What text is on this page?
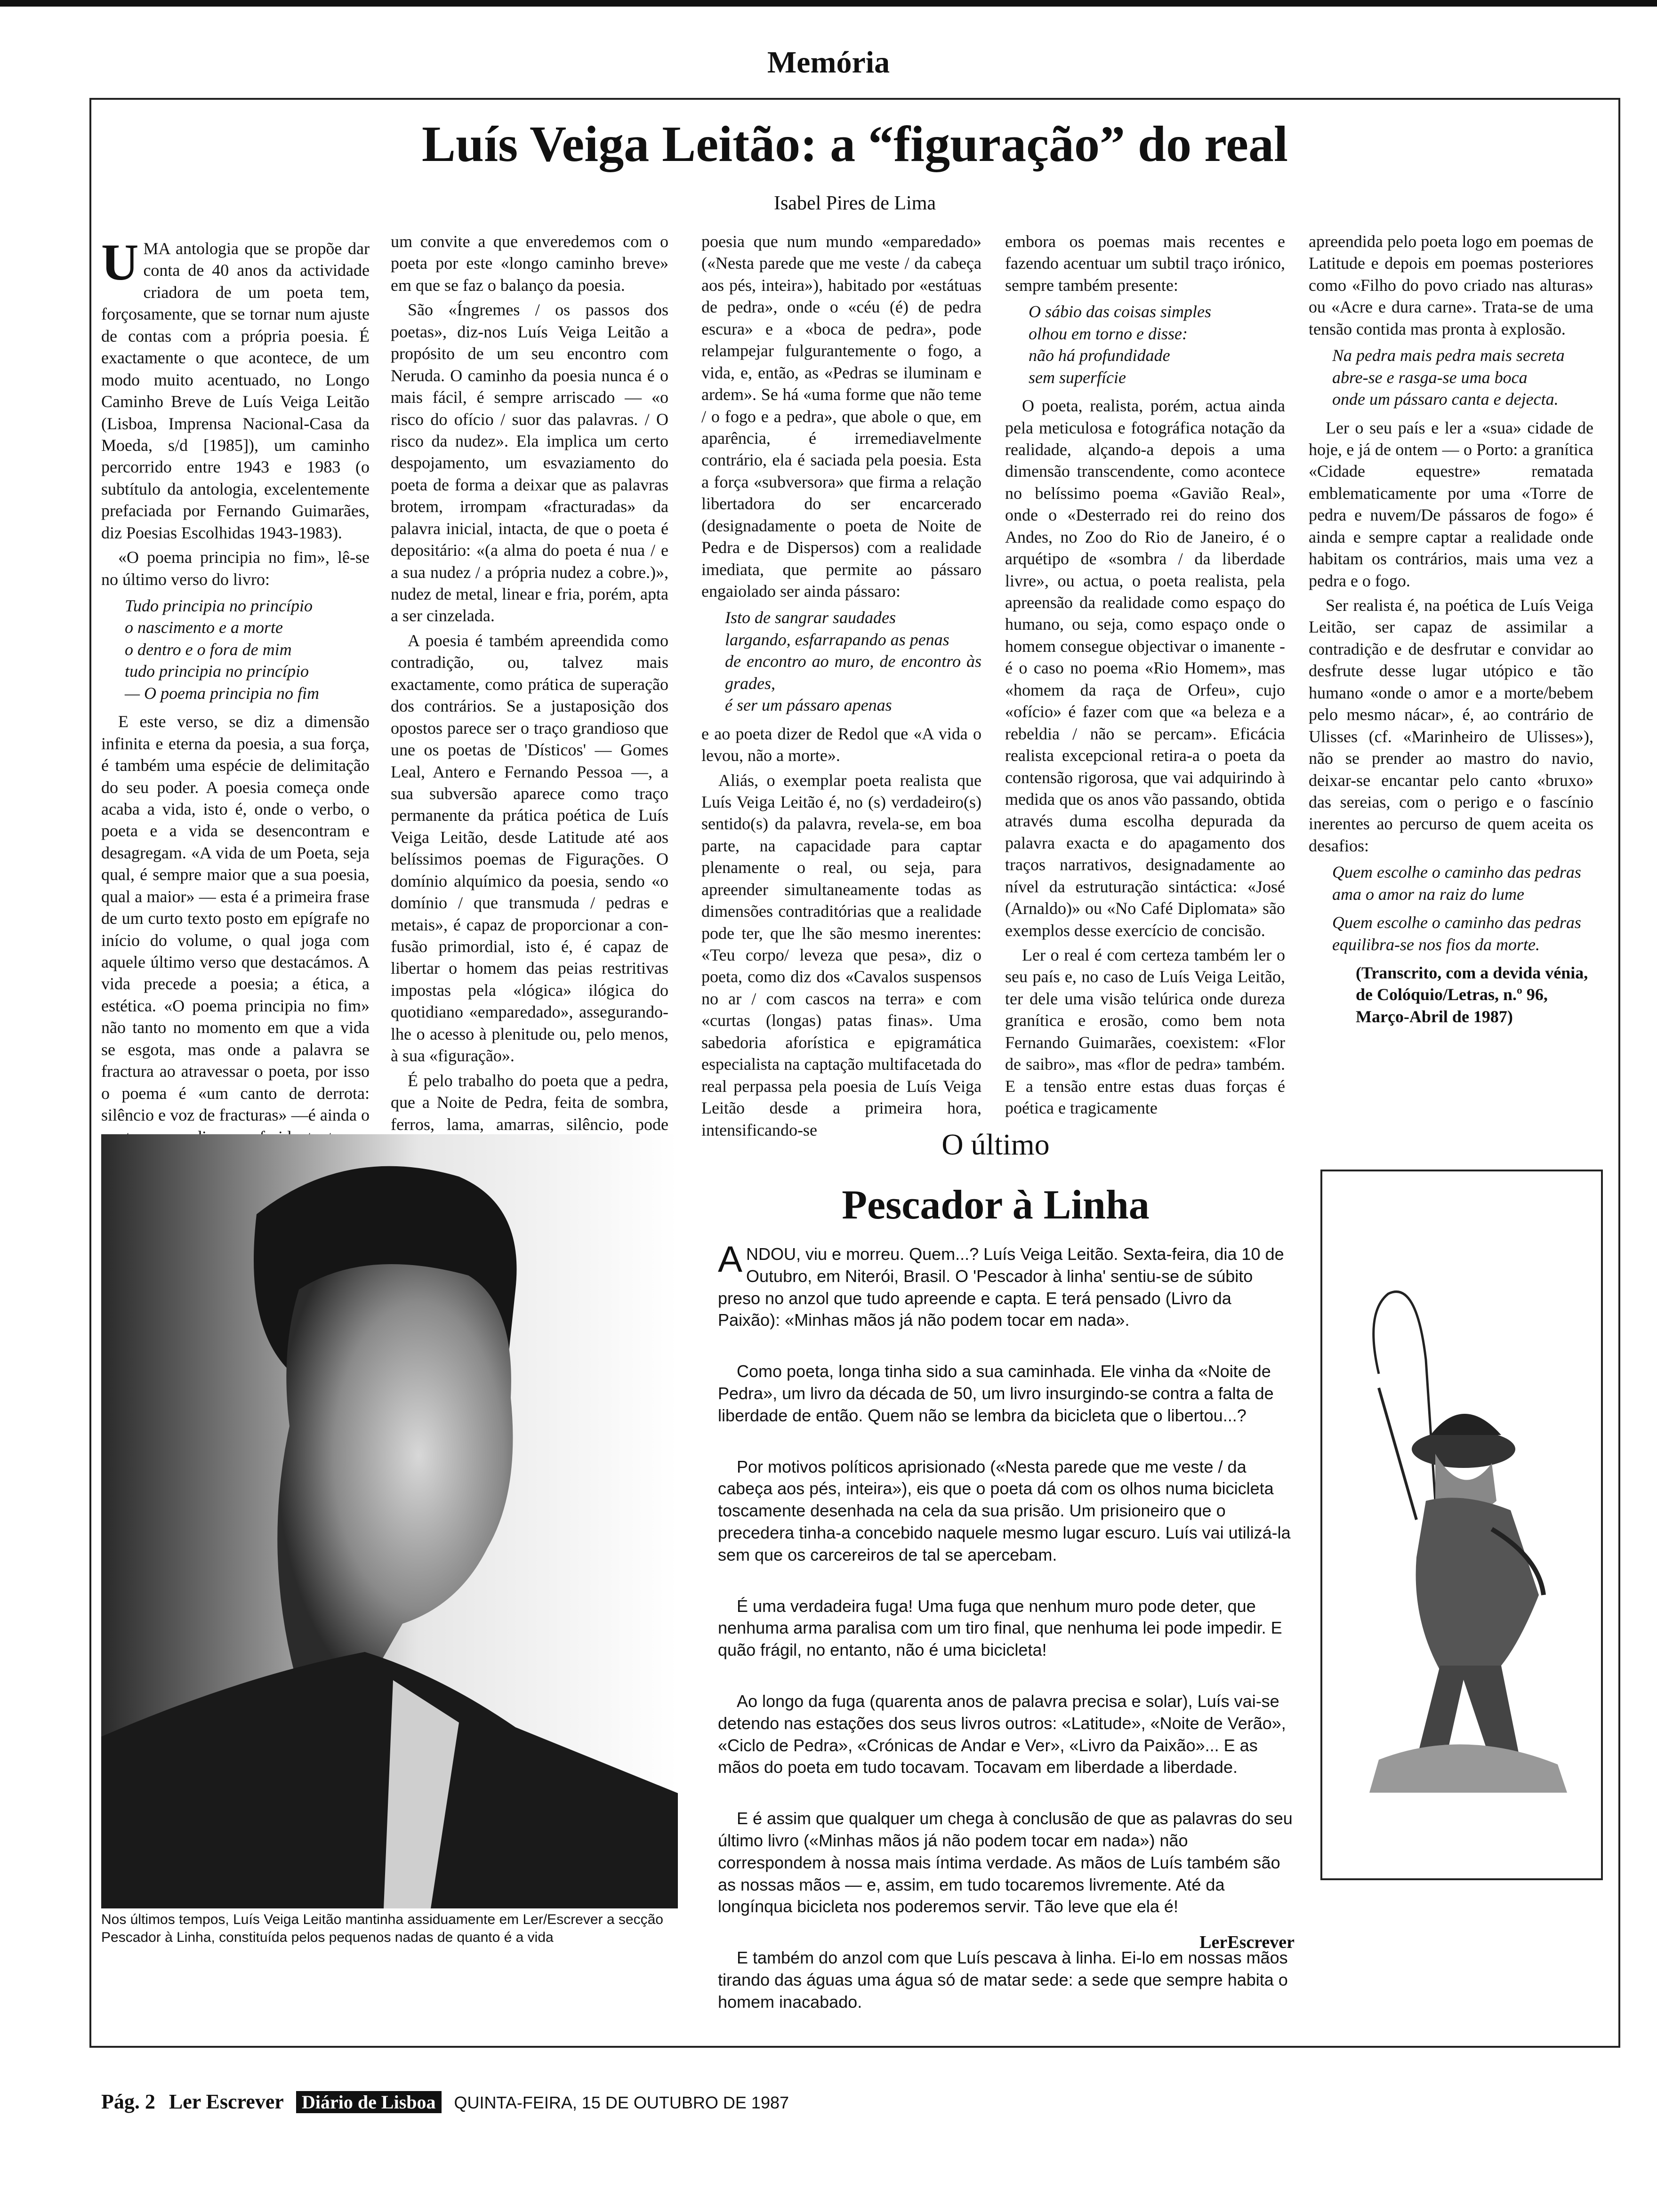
Memória
Luís Veiga Leitão: a “figuração” do real
Isabel Pires de Lima

UMA antologia que se propõe dar conta de 40 anos da actividade criadora de um poeta tem, forçosamente, que se tornar num ajuste de contas com a própria poesia. É exactamente o que acontece, de um modo muito acentuado, no Longo Caminho Breve de Luís Veiga Leitão (Lisboa, Imprensa Nacional-Casa da Moeda, s/d [1985]), um caminho percorrido entre 1943 e 1983 (o subtítulo da antologia, excelentemente prefaciada por Fernando Guimarães, diz Poesias Escolhidas 1943-1983).

«O poema principia no fim», lê-se no último verso do livro:

Tudo principia no princípio
o nascimento e a morte
o dentro e o fora de mim
tudo principia no princípio
— O poema principia no fim

E este verso, se diz a dimensão infinita e eterna da poesia, a sua força, é também uma espécie de delimitação do seu poder. A poesia começa onde acaba a vida, isto é, onde o verbo, o poeta e a vida se desencontram e desagregam. «A vida de um Poeta, seja qual, é sempre maior que a sua poesia, qual a maior» — esta é a primeira frase de um curto texto posto em epígrafe no início do volume, o qual joga com aquele último verso que destacámos. A vida precede a poesia; a ética, a estética. «O poema principia no fim» não tanto no momento em que a vida se esgota, mas onde a palavra se fractura ao atravessar o poeta, por isso o poema é «um canto de derrota: silêncio e voz de fracturas» —é ainda o

um convite a que enveredemos com o poeta por este «longo caminho breve» em que se faz o balanço da poesia.

São «Íngremes / os passos dos poetas», diz-nos Luís Veiga Leitão a propósito de um seu encontro com Neruda. O caminho da poesia nunca é o mais fácil, é sempre arriscado — «o risco do ofício / suor das palavras. / O risco da nudez». Ela implica um certo despojamento, um esvaziamento do poeta de forma a deixar que as palavras brotem, irrompam «fracturadas» da palavra inicial, intacta, de que o poeta é depositário: «(a alma do poeta é nua / e a sua nudez / a própria nudez a cobre.)», nudez de metal, linear e fria, porém, apta a ser cinzelada.

A poesia é também apreendida como contradição, ou, talvez mais exactamente, como prática de superação dos contrários. Se a justaposição dos opostos parece ser o traço grandioso que une os poetas de 'Dísticos' — Gomes Leal, Antero e Fernando Pessoa —, a sua subversão aparece como traço permanente da prática poética de Luís Veiga Leitão, desde Latitude até aos belíssimos poemas de Figurações. O domínio alquímico da poesia, sendo «o domínio / que transmuda / pedras e metais», é capaz de proporcionar a con-fusão primordial, isto é, é capaz de libertar o homem das peias restritivas impostas pela «lógica» ilógica do quotidiano «emparedado», assegurando-lhe o acesso à plenitude ou, pelo menos, à sua «figuração».

É pelo trabalho do poeta que a pedra, que a Noite de Pedra, feita de sombra, ferros, lama, amarras, silêncio, pode

poesia que num mundo «emparedado» («Nesta parede que me veste / da cabeça aos pés, inteira»), habitado por «estátuas de pedra», onde o «céu (é) de pedra escura» e a «boca de pedra», pode relampejar fulgurantemente o fogo, a vida, e, então, as «Pedras se iluminam e ardem». Se há «uma forme que não teme / o fogo e a pedra», que abole o que, em aparência, é irremediavelmente contrário, ela é saciada pela poesia. Esta a força «subversora» que firma a relação libertadora do ser encarcerado (designadamente o poeta de Noite de Pedra e de Dispersos) com a realidade imediata, que permite ao pássaro engaiolado ser ainda pássaro:

Isto de sangrar saudades
largando, esfarrapando as penas
de encontro ao muro, de encontro às grades,
é ser um pássaro apenas

e ao poeta dizer de Redol que «A vida o levou, não a morte».

Aliás, o exemplar poeta realista que Luís Veiga Leitão é, no (s) verdadeiro(s) sentido(s) da palavra, revela-se, em boa parte, na capacidade para captar plenamente o real, ou seja, para apreender simultaneamente todas as dimensões contraditórias que a realidade pode ter, que lhe são mesmo inerentes: «Teu corpo/ leveza que pesa», diz o poeta, como diz dos «Cavalos suspensos no ar / com cascos na terra» e com «curtas (longas) patas finas». Uma sabedoria aforística e epigramática especialista na captação multifacetada do real perpassa pela poesia de Luís Veiga Leitão desde a primeira hora, intensificando-se

embora os poemas mais recentes e fazendo acentuar um subtil traço irónico, sempre também presente:

O sábio das coisas simples
olhou em torno e disse:
não há profundidade
sem superfície

O poeta, realista, porém, actua ainda pela meticulosa e fotográfica notação da realidade, alçando-a depois a uma dimensão transcendente, como acontece no belíssimo poema «Gavião Real», onde o «Desterrado rei do reino dos Andes, no Zoo do Rio de Janeiro, é o arquétipo de «sombra / da liberdade livre», ou actua, o poeta realista, pela apreensão da realidade como espaço do humano, ou seja, como espaço onde o homem consegue objectivar o imanente - é o caso no poema «Rio Homem», mas «homem da raça de Orfeu», cujo «ofício» é fazer com que «a beleza e a rebeldia / não se percam». Eficácia realista excepcional retira-a o poeta da contensão rigorosa, que vai adquirindo à medida que os anos vão passando, obtida através duma escolha depurada da palavra exacta e do apagamento dos traços narrativos, designadamente ao nível da estruturação sintáctica: «José (Arnaldo)» ou «No Café Diplomata» são exemplos desse exercício de concisão.

Ler o real é com certeza também ler o seu país e, no caso de Luís Veiga Leitão, ter dele uma visão telúrica onde dureza granítica e erosão, como bem nota Fernando Guimarães, coexistem: «Flor de saibro», mas «flor de pedra» também. E a tensão entre estas duas forças é poética e tragicamente

apreendida pelo poeta logo em poemas de Latitude e depois em poemas posteriores como «Filho do povo criado nas alturas» ou «Acre e dura carne». Trata-se de uma tensão contida mas pronta à explosão.

Na pedra mais pedra mais secreta
abre-se e rasga-se uma boca
onde um pássaro canta e dejecta.

Ler o seu país e ler a «sua» cidade de hoje, e já de ontem — o Porto: a granítica «Cidade equestre» rematada emblematicamente por uma «Torre de pedra e nuvem/De pássaros de fogo» é ainda e sempre captar a realidade onde habitam os contrários, mais uma vez a pedra e o fogo.

Ser realista é, na poética de Luís Veiga Leitão, ser capaz de assimilar a contradição e de desfrutar e convidar ao desfrute desse lugar utópico e tão humano «onde o amor e a morte/bebem pelo mesmo nácar», é, ao contrário de Ulisses (cf. «Marinheiro de Ulisses»), não se prender ao mastro do navio, deixar-se encantar pelo canto «bruxo» das sereias, com o perigo e o fascínio inerentes ao percurso de quem aceita os desafios:

Quem escolhe o caminho das pedras
ama o amor na raiz do lume
Quem escolhe o caminho das pedras
equilibra-se nos fios da morte.
(Transcrito, com a devida vénia, de Colóquio/Letras, n.º 96, Março-Abril de 1987)
Nos últimos tempos, Luís Veiga Leitão mantinha assiduamente em Ler/Escrever a secção Pescador à Linha, constituída pelos pequenos nadas de quanto é a vida
O último
Pescador à Linha

ANDOU, viu e morreu. Quem...? Luís Veiga Leitão. Sexta-feira, dia 10 de Outubro, em Niterói, Brasil. O 'Pescador à linha' sentiu-se de súbito preso no anzol que tudo apreende e capta. E terá pensado (Livro da Paixão): «Minhas mãos já não podem tocar em nada».

Como poeta, longa tinha sido a sua caminhada. Ele vinha da «Noite de Pedra», um livro da década de 50, um livro insurgindo-se contra a falta de liberdade de então. Quem não se lembra da bicicleta que o libertou...?

Por motivos políticos aprisionado («Nesta parede que me veste / da cabeça aos pés, inteira»), eis que o poeta dá com os olhos numa bicicleta toscamente desenhada na cela da sua prisão. Um prisioneiro que o precedera tinha-a concebido naquele mesmo lugar escuro. Luís vai utilizá-la sem que os carcereiros de tal se apercebam.

É uma verdadeira fuga! Uma fuga que nenhum muro pode deter, que nenhuma arma paralisa com um tiro final, que nenhuma lei pode impedir. E quão frágil, no entanto, não é uma bicicleta!

Ao longo da fuga (quarenta anos de palavra precisa e solar), Luís vai-se detendo nas estações dos seus livros outros: «Latitude», «Noite de Verão», «Ciclo de Pedra», «Crónicas de Andar e Ver», «Livro da Paixão»... E as mãos do poeta em tudo tocavam. Tocavam em liberdade a liberdade.

E é assim que qualquer um chega à conclusão de que as palavras do seu último livro («Minhas mãos já não podem tocar em nada») não correspondem à nossa mais íntima verdade. As mãos de Luís também são as nossas mãos — e, assim, em tudo tocaremos livremente. Até da longínqua bicicleta nos poderemos servir. Tão leve que ela é!

E também do anzol com que Luís pescava à linha. Ei-lo em nossas mãos tirando das águas uma água só de matar sede: a sede que sempre habita o homem inacabado.

LerEscrever
Pág. 2 Ler Escrever Diário de Lisboa QUINTA-FEIRA, 15 DE OUTUBRO DE 1987
